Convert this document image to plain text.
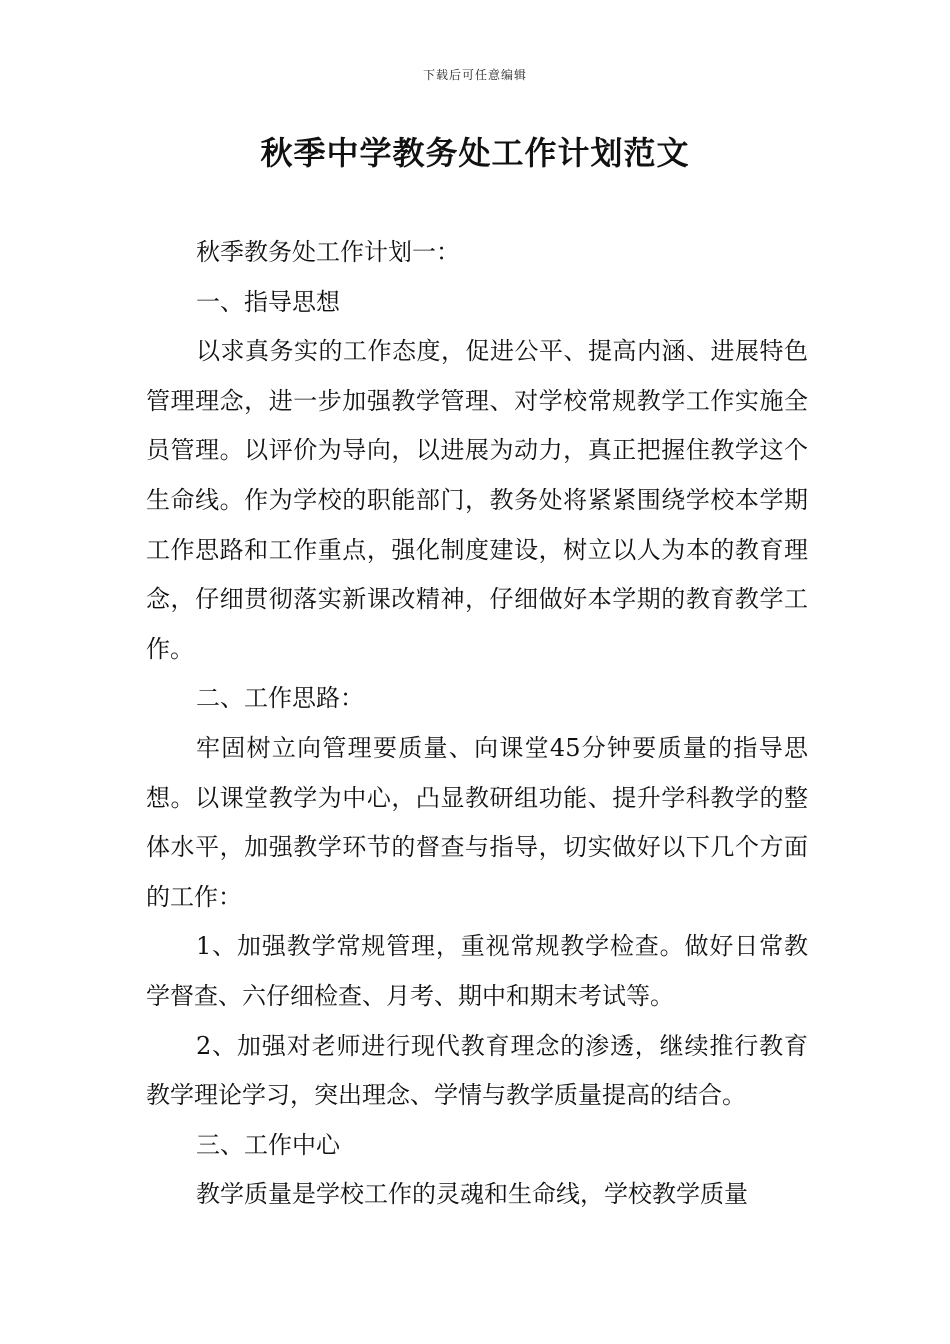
下载后可任意编辑
秋季中学教务处工作计划范文

秋季教务处工作计划一：

一、指导思想

以求真务实的工作态度，促进公平、提高内涵、进展特色管理理念，进一步加强教学管理、对学校常规教学工作实施全员管理。以评价为导向，以进展为动力，真正把握住教学这个生命线。作为学校的职能部门，教务处将紧紧围绕学校本学期工作思路和工作重点，强化制度建设，树立以人为本的教育理念，仔细贯彻落实新课改精神，仔细做好本学期的教育教学工作。

二、工作思路：

牢固树立向管理要质量、向课堂45分钟要质量的指导思想。以课堂教学为中心，凸显教研组功能、提升学科教学的整体水平，加强教学环节的督查与指导，切实做好以下几个方面的工作：

1、加强教学常规管理，重视常规教学检查。做好日常教学督查、六仔细检查、月考、期中和期末考试等。

2、加强对老师进行现代教育理念的渗透，继续推行教育教学理论学习，突出理念、学情与教学质量提高的结合。

三、工作中心

教学质量是学校工作的灵魂和生命线，学校教学质量
